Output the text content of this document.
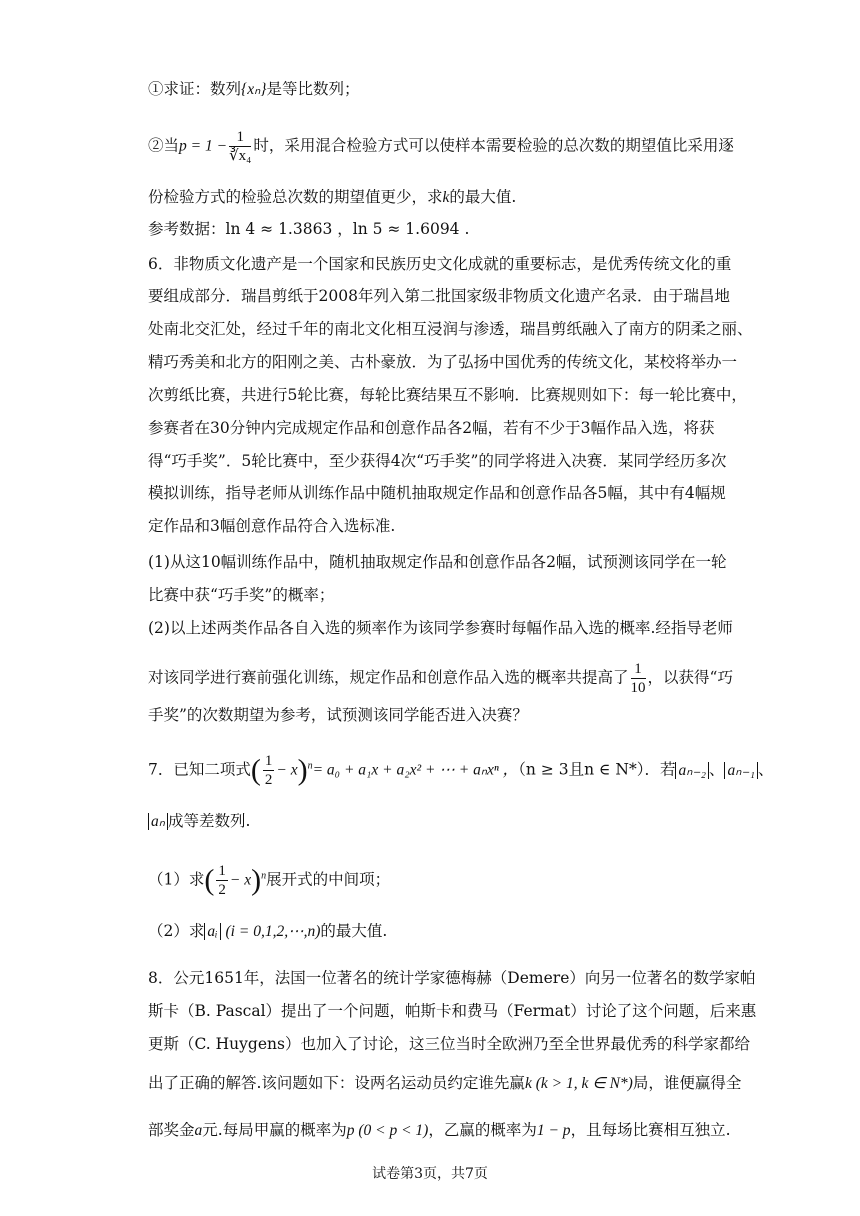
①求证：数列{xₙ}是等比数列；
②当$p = 1 - \frac{1}{\text{∛x₄}}$ 时，采用混合检验方式可以使样本需要检验的总次数的期望值比采用逐
份检验方式的检验总次数的期望值更少，求k的最大值.
参考数据：ln 4 ≈ 1.3863 ，ln 5 ≈ 1.6094 .
6．非物质文化遗产是一个国家和民族历史文化成就的重要标志，是优秀传统文化的重
要组成部分．瑞昌剪纸于2008年列入第二批国家级非物质文化遗产名录．由于瑞昌地
处南北交汇处，经过千年的南北文化相互浸润与渗透，瑞昌剪纸融入了南方的阴柔之丽、
精巧秀美和北方的阳刚之美、古朴豪放．为了弘扬中国优秀的传统文化，某校将举办一
次剪纸比赛，共进行5轮比赛，每轮比赛结果互不影响．比赛规则如下：每一轮比赛中，
参赛者在30分钟内完成规定作品和创意作品各2幅，若有不少于3幅作品入选，将获
得“巧手奖”．5轮比赛中，至少获得4次“巧手奖”的同学将进入决赛．某同学经历多次
模拟训练，指导老师从训练作品中随机抽取规定作品和创意作品各5幅，其中有4幅规
定作品和3幅创意作品符合入选标准.
(1)从这10幅训练作品中，随机抽取规定作品和创意作品各2幅，试预测该同学在一轮
比赛中获“巧手奖”的概率；
(2)以上述两类作品各自入选的频率作为该同学参赛时每幅作品入选的概率.经指导老师
对该同学进行赛前强化训练，规定作品和创意作品入选的概率共提高了 $\frac{1}{10}$ ，以获得“巧
手奖”的次数期望为参考，试预测该同学能否进入决赛？
7．已知二项式( $\frac{1}{2} - x)^n= a_0 + a_1x + a_2x^2$ + ⋯ + aₙxⁿ ，（n ≥ 3且n ∈ N*）．若 aₙ₋₂ 、 aₙ₋₁ 、
aₙ 成等差数列.
（1）求( $\frac{1}{2} - x)^n$展开式的中间项；
（2）求 aᵢ (i = 0,1,2,⋯,n)的最大值.
8．公元1651年，法国一位著名的统计学家德梅赫（Demere）向另一位著名的数学家帕
斯卡（B. Pascal）提出了一个问题，帕斯卡和费马（Fermat）讨论了这个问题，后来惠
更斯（C. Huygens）也加入了讨论，这三位当时全欧洲乃至全世界最优秀的科学家都给
出了正确的解答.该问题如下：设两名运动员约定谁先赢k (k > 1, k ∈ N*)局，谁便赢得全
部奖金a元.每局甲赢的概率为p (0 < p < 1)，乙赢的概率为1 − p，且每场比赛相互独立.
试卷第3页，共7页
